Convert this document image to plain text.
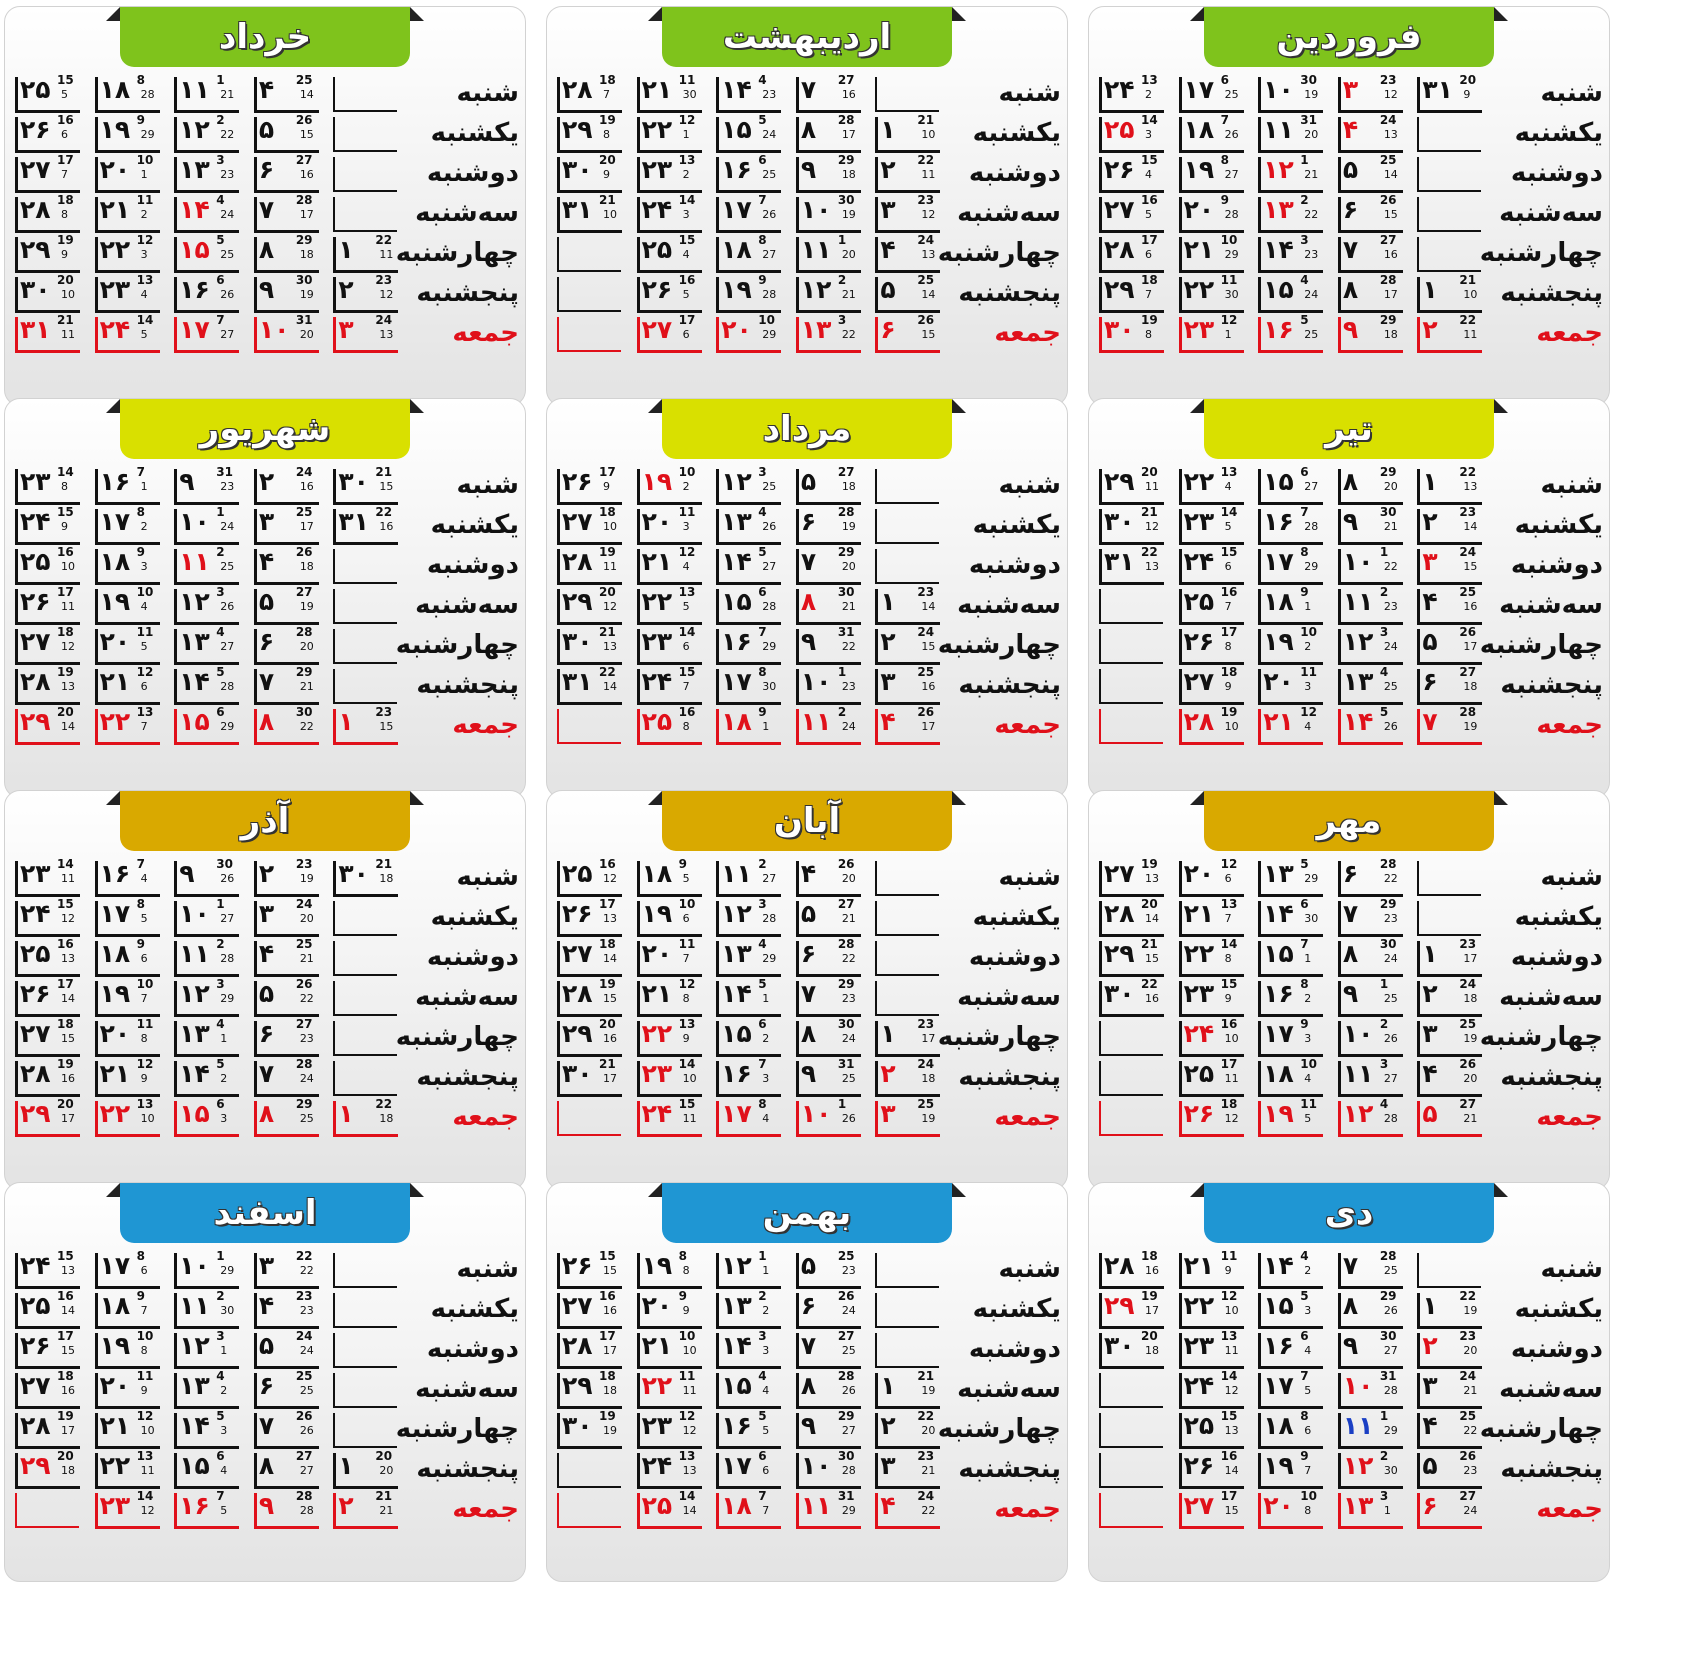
فروردین
شنبه
یکشنبه
دوشنبه
سه‌شنبه
چهارشنبه
پنجشنبه
جمعه
۳۱ 20
9
۱ 21
10
۲ 22
11
۳ 23
12
۴ 24
13
۵ 25
14
۶ 26
15
۷ 27
16
۸ 28
17
۹ 29
18
۱۰ 30
19
۱۱ 31
20
۱۲ 1
21
۱۳ 2
22
۱۴ 3
23
۱۵ 4
24
۱۶ 5
25
۱۷ 6
25
۱۸ 7
26
۱۹ 8
27
۲۰ 9
28
۲۱ 10
29
۲۲ 11
30
۲۳ 12
1
۲۴ 13
2
۲۵ 14
3
۲۶ 15
4
۲۷ 16
5
۲۸ 17
6
۲۹ 18
7
۳۰ 19
8
اردیبهشت
شنبه
یکشنبه
دوشنبه
سه‌شنبه
چهارشنبه
پنجشنبه
جمعه
۱ 21
10
۲ 22
11
۳ 23
12
۴ 24
13
۵ 25
14
۶ 26
15
۷ 27
16
۸ 28
17
۹ 29
18
۱۰ 30
19
۱۱ 1
20
۱۲ 2
21
۱۳ 3
22
۱۴ 4
23
۱۵ 5
24
۱۶ 6
25
۱۷ 7
26
۱۸ 8
27
۱۹ 9
28
۲۰ 10
29
۲۱ 11
30
۲۲ 12
1
۲۳ 13
2
۲۴ 14
3
۲۵ 15
4
۲۶ 16
5
۲۷ 17
6
۲۸ 18
7
۲۹ 19
8
۳۰ 20
9
۳۱ 21
10
خرداد
شنبه
یکشنبه
دوشنبه
سه‌شنبه
چهارشنبه
پنجشنبه
جمعه
۱ 22
11
۲ 23
12
۳ 24
13
۴ 25
14
۵ 26
15
۶ 27
16
۷ 28
17
۸ 29
18
۹ 30
19
۱۰ 31
20
۱۱ 1
21
۱۲ 2
22
۱۳ 3
23
۱۴ 4
24
۱۵ 5
25
۱۶ 6
26
۱۷ 7
27
۱۸ 8
28
۱۹ 9
29
۲۰ 10
1
۲۱ 11
2
۲۲ 12
3
۲۳ 13
4
۲۴ 14
5
۲۵ 15
5
۲۶ 16
6
۲۷ 17
7
۲۸ 18
8
۲۹ 19
9
۳۰ 20
10
۳۱ 21
11
تیر
شنبه
یکشنبه
دوشنبه
سه‌شنبه
چهارشنبه
پنجشنبه
جمعه
۱ 22
13
۲ 23
14
۳ 24
15
۴ 25
16
۵ 26
17
۶ 27
18
۷ 28
19
۸ 29
20
۹ 30
21
۱۰ 1
22
۱۱ 2
23
۱۲ 3
24
۱۳ 4
25
۱۴ 5
26
۱۵ 6
27
۱۶ 7
28
۱۷ 8
29
۱۸ 9
1
۱۹ 10
2
۲۰ 11
3
۲۱ 12
4
۲۲ 13
4
۲۳ 14
5
۲۴ 15
6
۲۵ 16
7
۲۶ 17
8
۲۷ 18
9
۲۸ 19
10
۲۹ 20
11
۳۰ 21
12
۳۱ 22
13
مرداد
شنبه
یکشنبه
دوشنبه
سه‌شنبه
چهارشنبه
پنجشنبه
جمعه
۱ 23
14
۲ 24
15
۳ 25
16
۴ 26
17
۵ 27
18
۶ 28
19
۷ 29
20
۸ 30
21
۹ 31
22
۱۰ 1
23
۱۱ 2
24
۱۲ 3
25
۱۳ 4
26
۱۴ 5
27
۱۵ 6
28
۱۶ 7
29
۱۷ 8
30
۱۸ 9
1
۱۹ 10
2
۲۰ 11
3
۲۱ 12
4
۲۲ 13
5
۲۳ 14
6
۲۴ 15
7
۲۵ 16
8
۲۶ 17
9
۲۷ 18
10
۲۸ 19
11
۲۹ 20
12
۳۰ 21
13
۳۱ 22
14
شهریور
شنبه
یکشنبه
دوشنبه
سه‌شنبه
چهارشنبه
پنجشنبه
جمعه
۳۰ 21
15
۳۱ 22
16
۱ 23
15
۲ 24
16
۳ 25
17
۴ 26
18
۵ 27
19
۶ 28
20
۷ 29
21
۸ 30
22
۹ 31
23
۱۰ 1
24
۱۱ 2
25
۱۲ 3
26
۱۳ 4
27
۱۴ 5
28
۱۵ 6
29
۱۶ 7
1
۱۷ 8
2
۱۸ 9
3
۱۹ 10
4
۲۰ 11
5
۲۱ 12
6
۲۲ 13
7
۲۳ 14
8
۲۴ 15
9
۲۵ 16
10
۲۶ 17
11
۲۷ 18
12
۲۸ 19
13
۲۹ 20
14
مهر
شنبه
یکشنبه
دوشنبه
سه‌شنبه
چهارشنبه
پنجشنبه
جمعه
۱ 23
17
۲ 24
18
۳ 25
19
۴ 26
20
۵ 27
21
۶ 28
22
۷ 29
23
۸ 30
24
۹ 1
25
۱۰ 2
26
۱۱ 3
27
۱۲ 4
28
۱۳ 5
29
۱۴ 6
30
۱۵ 7
1
۱۶ 8
2
۱۷ 9
3
۱۸ 10
4
۱۹ 11
5
۲۰ 12
6
۲۱ 13
7
۲۲ 14
8
۲۳ 15
9
۲۴ 16
10
۲۵ 17
11
۲۶ 18
12
۲۷ 19
13
۲۸ 20
14
۲۹ 21
15
۳۰ 22
16
آبان
شنبه
یکشنبه
دوشنبه
سه‌شنبه
چهارشنبه
پنجشنبه
جمعه
۱ 23
17
۲ 24
18
۳ 25
19
۴ 26
20
۵ 27
21
۶ 28
22
۷ 29
23
۸ 30
24
۹ 31
25
۱۰ 1
26
۱۱ 2
27
۱۲ 3
28
۱۳ 4
29
۱۴ 5
1
۱۵ 6
2
۱۶ 7
3
۱۷ 8
4
۱۸ 9
5
۱۹ 10
6
۲۰ 11
7
۲۱ 12
8
۲۲ 13
9
۲۳ 14
10
۲۴ 15
11
۲۵ 16
12
۲۶ 17
13
۲۷ 18
14
۲۸ 19
15
۲۹ 20
16
۳۰ 21
17
آذر
شنبه
یکشنبه
دوشنبه
سه‌شنبه
چهارشنبه
پنجشنبه
جمعه
۳۰ 21
18
۱ 22
18
۲ 23
19
۳ 24
20
۴ 25
21
۵ 26
22
۶ 27
23
۷ 28
24
۸ 29
25
۹ 30
26
۱۰ 1
27
۱۱ 2
28
۱۲ 3
29
۱۳ 4
1
۱۴ 5
2
۱۵ 6
3
۱۶ 7
4
۱۷ 8
5
۱۸ 9
6
۱۹ 10
7
۲۰ 11
8
۲۱ 12
9
۲۲ 13
10
۲۳ 14
11
۲۴ 15
12
۲۵ 16
13
۲۶ 17
14
۲۷ 18
15
۲۸ 19
16
۲۹ 20
17
دی
شنبه
یکشنبه
دوشنبه
سه‌شنبه
چهارشنبه
پنجشنبه
جمعه
۱ 22
19
۲ 23
20
۳ 24
21
۴ 25
22
۵ 26
23
۶ 27
24
۷ 28
25
۸ 29
26
۹ 30
27
۱۰ 31
28
۱۱ 1
29
۱۲ 2
30
۱۳ 3
1
۱۴ 4
2
۱۵ 5
3
۱۶ 6
4
۱۷ 7
5
۱۸ 8
6
۱۹ 9
7
۲۰ 10
8
۲۱ 11
9
۲۲ 12
10
۲۳ 13
11
۲۴ 14
12
۲۵ 15
13
۲۶ 16
14
۲۷ 17
15
۲۸ 18
16
۲۹ 19
17
۳۰ 20
18
بهمن
شنبه
یکشنبه
دوشنبه
سه‌شنبه
چهارشنبه
پنجشنبه
جمعه
۱ 21
19
۲ 22
20
۳ 23
21
۴ 24
22
۵ 25
23
۶ 26
24
۷ 27
25
۸ 28
26
۹ 29
27
۱۰ 30
28
۱۱ 31
29
۱۲ 1
1
۱۳ 2
2
۱۴ 3
3
۱۵ 4
4
۱۶ 5
5
۱۷ 6
6
۱۸ 7
7
۱۹ 8
8
۲۰ 9
9
۲۱ 10
10
۲۲ 11
11
۲۳ 12
12
۲۴ 13
13
۲۵ 14
14
۲۶ 15
15
۲۷ 16
16
۲۸ 17
17
۲۹ 18
18
۳۰ 19
19
اسفند
شنبه
یکشنبه
دوشنبه
سه‌شنبه
چهارشنبه
پنجشنبه
جمعه
۱ 20
20
۲ 21
21
۳ 22
22
۴ 23
23
۵ 24
24
۶ 25
25
۷ 26
26
۸ 27
27
۹ 28
28
۱۰ 1
29
۱۱ 2
30
۱۲ 3
1
۱۳ 4
2
۱۴ 5
3
۱۵ 6
4
۱۶ 7
5
۱۷ 8
6
۱۸ 9
7
۱۹ 10
8
۲۰ 11
9
۲۱ 12
10
۲۲ 13
11
۲۳ 14
12
۲۴ 15
13
۲۵ 16
14
۲۶ 17
15
۲۷ 18
16
۲۸ 19
17
۲۹ 20
18
